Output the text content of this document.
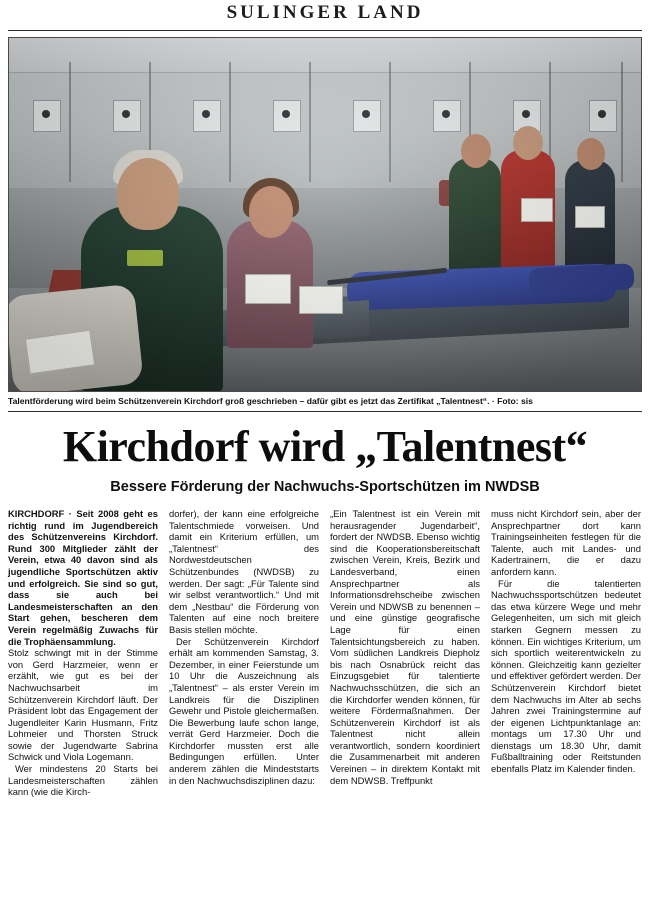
SULINGER LAND
Talentförderung wird beim Schützenverein Kirchdorf groß geschrieben – dafür gibt es jetzt das Zertifikat „Talentnest“. · Foto: sis
Kirchdorf wird „Talentnest“
Bessere Förderung der Nachwuchs-Sportschützen im NWDSB

KIRCHDORF · Seit 2008 geht es richtig rund im Jugendbereich des Schützenvereins Kirchdorf. Rund 300 Mitglieder zählt der Verein, etwa 40 davon sind als jugendliche Sportschützen aktiv und erfolgreich. Sie sind so gut, dass sie auch bei Landesmeisterschaften an den Start gehen, bescheren dem Verein regelmäßig Zuwachs für die Trophäensammlung.

Stolz schwingt mit in der Stimme von Gerd Harzmeier, wenn er erzählt, wie gut es bei der Nachwuchsarbeit im Schützenverein Kirchdorf läuft. Der Präsident lobt das Engagement der Jugendleiter Karin Husmann, Fritz Lohmeier und Thorsten Struck sowie der Jugendwarte Sabrina Schwick und Viola Logemann.

Wer mindestens 20 Starts bei Landesmeisterschaften zählen kann (wie die Kirch-

dorfer), der kann eine erfolgreiche Talentschmiede vorweisen. Und damit ein Kriterium erfüllen, um „Talentnest“ des Nordwestdeutschen Schützenbundes (NWDSB) zu werden. Der sagt: „Für Talente sind wir selbst verantwortlich.“ Und mit dem „Nestbau“ die Förderung von Talenten auf eine noch breitere Basis stellen möchte.

Der Schützenverein Kirchdorf erhält am kommenden Samstag, 3. Dezember, in einer Feierstunde um 10 Uhr die Auszeichnung als „Talentnest“ – als erster Verein im Landkreis für die Disziplinen Gewehr und Pistole gleichermaßen. Die Bewerbung laufe schon lange, verrät Gerd Harzmeier. Doch die Kirchdorfer mussten erst alle Bedingungen erfüllen. Unter anderem zählen die Mindeststarts in den Nachwuchsdisziplinen dazu:

„Ein Talentnest ist ein Verein mit herausragender Jugendarbeit“, fordert der NWDSB. Ebenso wichtig sind die Kooperationsbereitschaft zwischen Verein, Kreis, Bezirk und Landesverband, einen Ansprechpartner als Informationsdrehscheibe zwischen Verein und NDWSB zu benennen – und eine günstige geografische Lage für einen Talentsichtungsbereich zu haben. Vom südlichen Landkreis Diepholz bis nach Osnabrück reicht das Einzugsgebiet für talentierte Nachwuchsschützen, die sich an die Kirchdorfer wenden können, für weitere Fördermaßnahmen. Der Schützenverein Kirchdorf ist als Talentnest nicht allein verantwortlich, sondern koordiniert die Zusammenarbeit mit anderen Vereinen – in direktem Kontakt mit dem NDWSB. Treffpunkt

muss nicht Kirchdorf sein, aber der Ansprechpartner dort kann Trainingseinheiten festlegen für die Talente, auch mit Landes- und Kadertrainern, die er dazu anfordern kann.

Für die talentierten Nachwuchssportschützen bedeutet das etwa kürzere Wege und mehr Gelegenheiten, um sich mit gleich starken Gegnern messen zu können. Ein wichtiges Kriterium, um sich sportlich weiterentwickeln zu können. Gleichzeitig kann gezielter und effektiver gefördert werden. Der Schützenverein Kirchdorf bietet dem Nachwuchs im Alter ab sechs Jahren zwei Trainingstermine auf der eigenen Lichtpunktanlage an: montags um 17.30 Uhr und dienstags um 18.30 Uhr, damit Fußballtraining oder Reitstunden ebenfalls Platz im Kalender finden.
